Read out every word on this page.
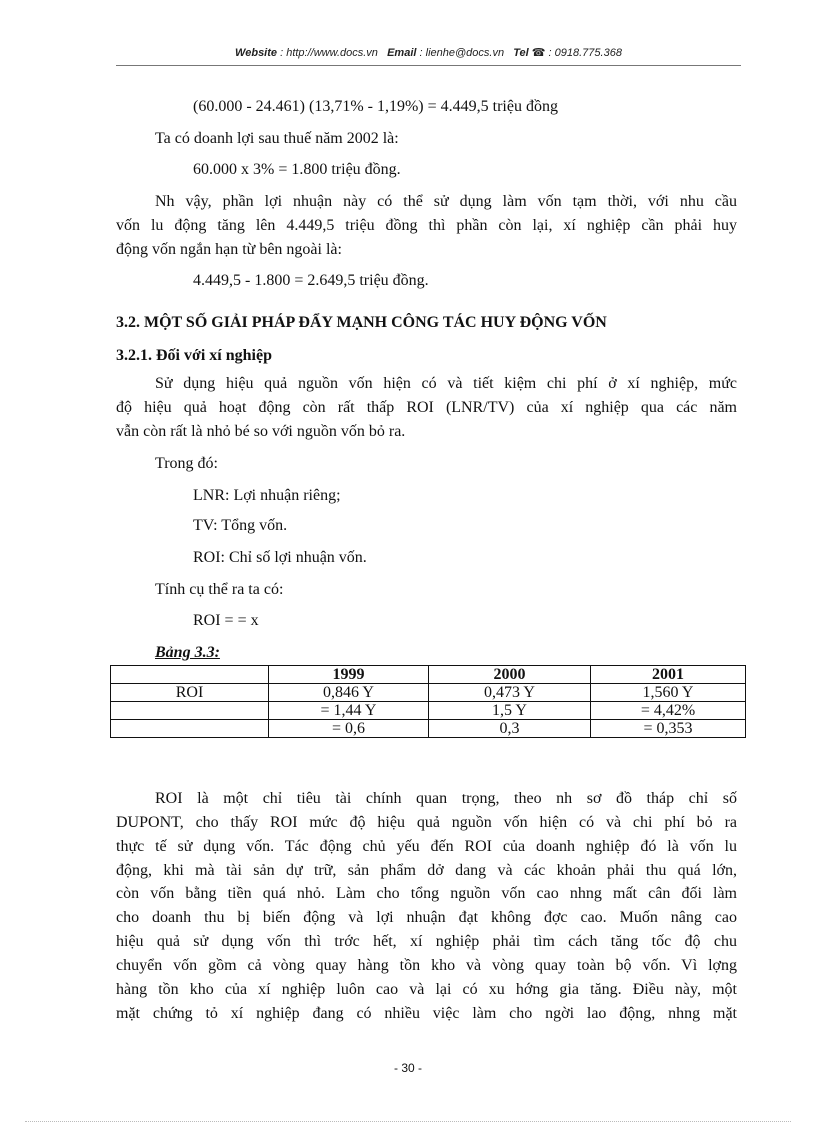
Website : http://www.docs.vn Email : lienhe@docs.vn Tel ☎ : 0918.775.368
(60.000 - 24.461) (13,71% - 1,19%) = 4.449,5 triệu đồng
Ta có doanh lợi sau thuế năm 2002 là:
60.000 x 3% = 1.800 triệu đồng.
Nh vậy, phần lợi nhuận này có thể sử dụng làm vốn tạm thời, với nhu cầu
vốn lu động tăng lên 4.449,5 triệu đồng thì phần còn lại, xí nghiệp cần phải huy
động vốn ngắn hạn từ bên ngoài là:
4.449,5 - 1.800 = 2.649,5 triệu đồng.
3.2. MỘT SỐ GIẢI PHÁP ĐẨY MẠNH CÔNG TÁC HUY ĐỘNG VỐN
3.2.1. Đối với xí nghiệp
Sử dụng hiệu quả nguồn vốn hiện có và tiết kiệm chi phí ở xí nghiệp, mức
độ hiệu quả hoạt động còn rất thấp ROI (LNR/TV) của xí nghiệp qua các năm
vẫn còn rất là nhỏ bé so với nguồn vốn bỏ ra.
Trong đó:
LNR: Lợi nhuận riêng;
TV: Tổng vốn.
ROI: Chỉ số lợi nhuận vốn.
Tính cụ thể ra ta có:
ROI = = x
Bảng 3.3:
	1999	2000	2001
ROI	0,846 Y	0,473 Y	1,560 Y
	= 1,44 Y	1,5 Y	= 4,42%
	= 0,6	0,3	= 0,353
ROI là một chỉ tiêu tài chính quan trọng, theo nh sơ đồ tháp chỉ số
DUPONT, cho thấy ROI mức độ hiệu quả nguồn vốn hiện có và chi phí bỏ ra
thực tế sử dụng vốn. Tác động chủ yếu đến ROI của doanh nghiệp đó là vốn lu
động, khi mà tài sản dự trữ, sản phẩm dở dang và các khoản phải thu quá lớn,
còn vốn bằng tiền quá nhỏ. Làm cho tổng nguồn vốn cao nhng mất cân đối làm
cho doanh thu bị biến động và lợi nhuận đạt không đợc cao. Muốn nâng cao
hiệu quả sử dụng vốn thì trớc hết, xí nghiệp phải tìm cách tăng tốc độ chu
chuyển vốn gồm cả vòng quay hàng tồn kho và vòng quay toàn bộ vốn. Vì lợng
hàng tồn kho của xí nghiệp luôn cao và lại có xu hớng gia tăng. Điều này, một
mặt chứng tỏ xí nghiệp đang có nhiều việc làm cho ngời lao động, nhng mặt
- 30 -
